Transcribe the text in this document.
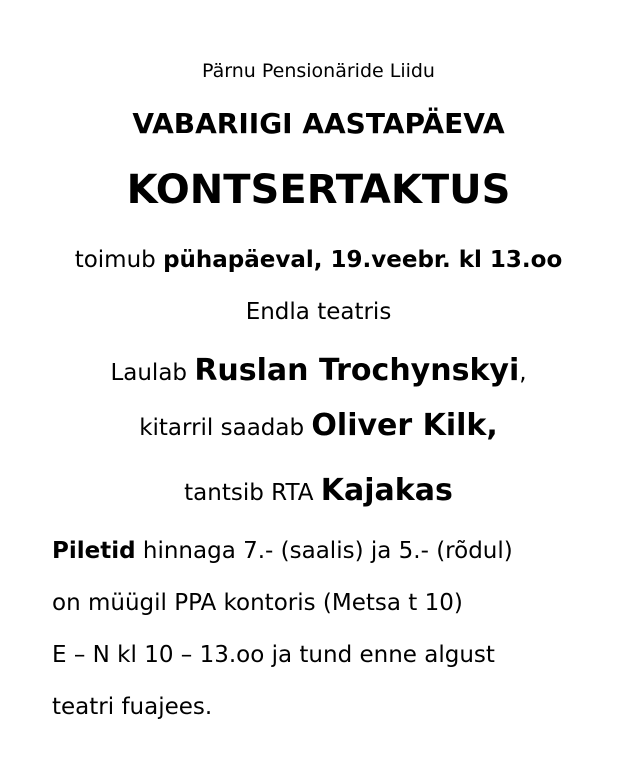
Pärnu Pensionäride Liidu
VABARIIGI AASTAPÄEVA
KONTSERTAKTUS
toimub pühapäeval, 19.veebr. kl 13.oo
Endla teatris
Laulab Ruslan Trochynskyi,
kitarril saadab Oliver Kilk,
tantsib RTA Kajakas
Piletid hinnaga 7.- (saalis) ja 5.- (rõdul)
on müügil PPA kontoris (Metsa t 10)
E – N kl 10 – 13.oo ja tund enne algust
teatri fuajees.
